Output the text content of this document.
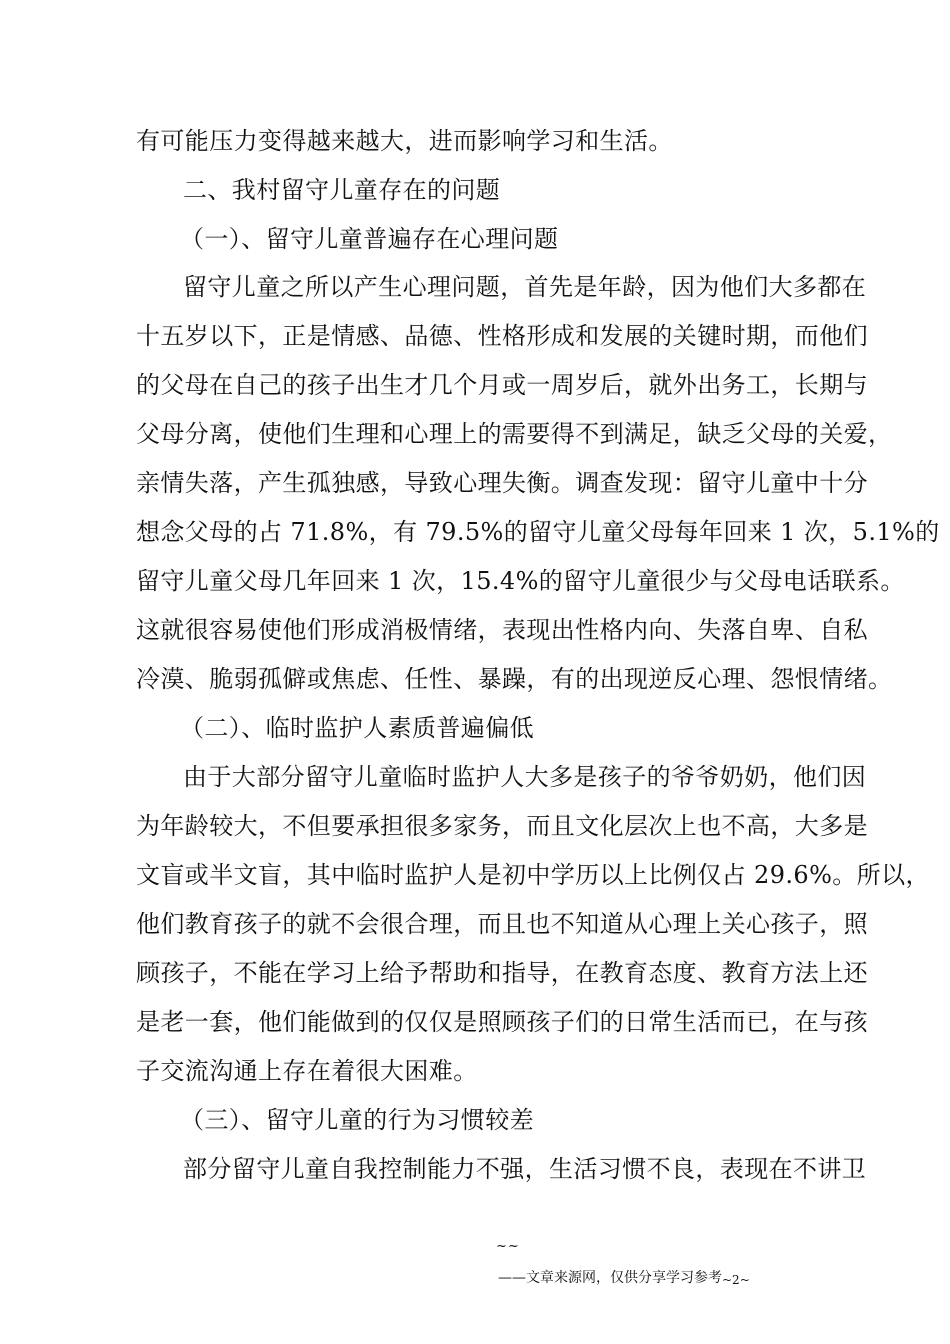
有可能压力变得越来越大，进而影响学习和生活。
二、我村留守儿童存在的问题
（一）、留守儿童普遍存在心理问题
留守儿童之所以产生心理问题，首先是年龄，因为他们大多都在
十五岁以下，正是情感、品德、性格形成和发展的关键时期，而他们
的父母在自己的孩子出生才几个月或一周岁后，就外出务工，长期与
父母分离，使他们生理和心理上的需要得不到满足，缺乏父母的关爱，
亲情失落，产生孤独感，导致心理失衡。调查发现：留守儿童中十分
想念父母的占 71.8%，有 79.5%的留守儿童父母每年回来 1 次，5.1%的
留守儿童父母几年回来 1 次，15.4%的留守儿童很少与父母电话联系。
这就很容易使他们形成消极情绪，表现出性格内向、失落自卑、自私
冷漠、脆弱孤僻或焦虑、任性、暴躁，有的出现逆反心理、怨恨情绪。
（二）、临时监护人素质普遍偏低
由于大部分留守儿童临时监护人大多是孩子的爷爷奶奶，他们因
为年龄较大，不但要承担很多家务，而且文化层次上也不高，大多是
文盲或半文盲，其中临时监护人是初中学历以上比例仅占 29.6%。所以，
他们教育孩子的就不会很合理，而且也不知道从心理上关心孩子，照
顾孩子，不能在学习上给予帮助和指导，在教育态度、教育方法上还
是老一套，他们能做到的仅仅是照顾孩子们的日常生活而已，在与孩
子交流沟通上存在着很大困难。
（三）、留守儿童的行为习惯较差
部分留守儿童自我控制能力不强，生活习惯不良，表现在不讲卫
~~
——文章来源网，仅供分享学习参考~2~
